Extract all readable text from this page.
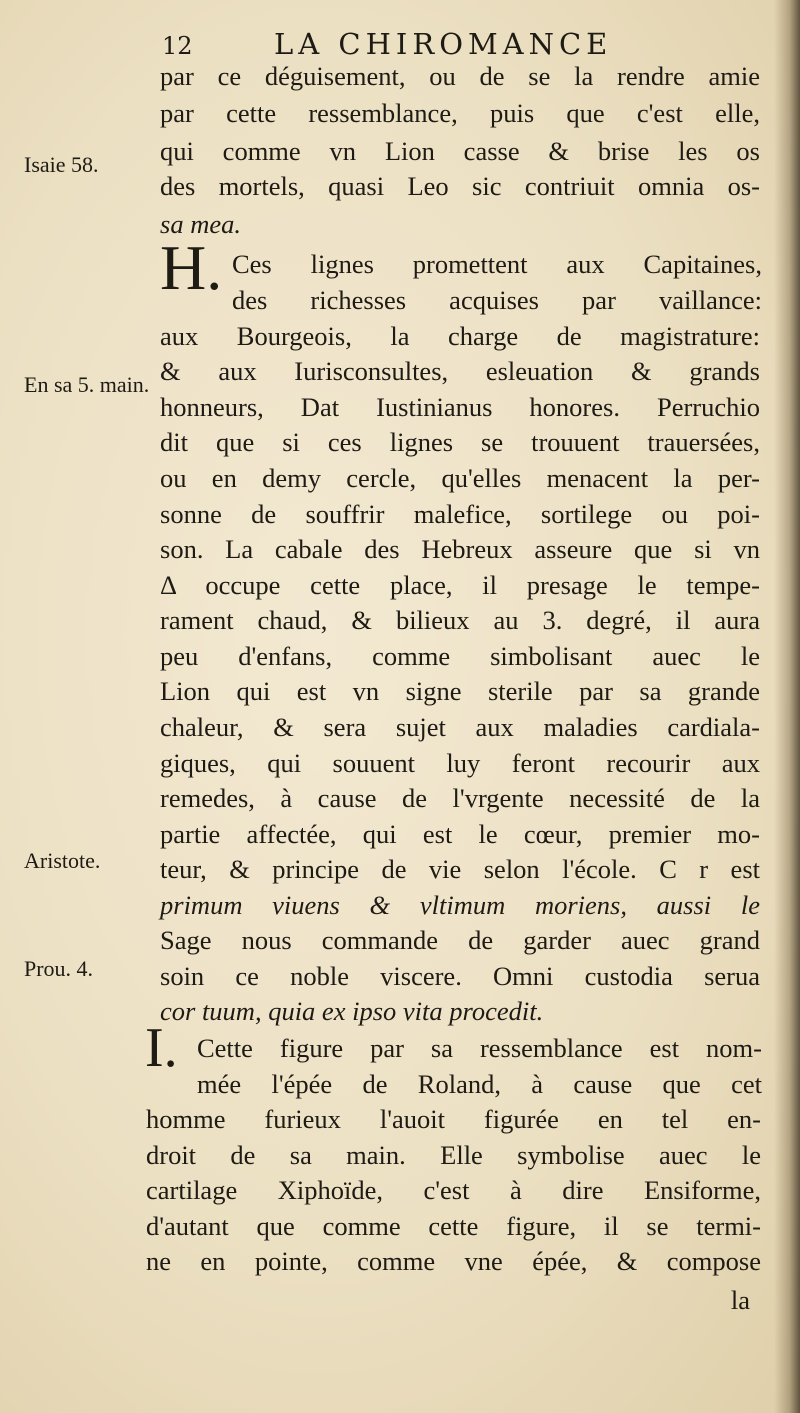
12	LA CHIROMANCE
Isaie 58.
En sa 5. main.
Aristote.
Prou. 4.
H.
I.
par ce déguisement, ou de se la rendre amie
par cette ressemblance, puis que c'est elle,
qui comme vn Lion casse & brise les os
des mortels, quasi Leo sic contriuit omnia os-
sa mea.
Ces lignes promettent aux Capitaines,
des richesses acquises par vaillance:
aux Bourgeois, la charge de magistrature:
& aux Iurisconsultes, esleuation & grands
honneurs, Dat Iustinianus honores. Perruchio
dit que si ces lignes se trouuent trauersées,
ou en demy cercle, qu'elles menacent la per-
sonne de souffrir malefice, sortilege ou poi-
son. La cabale des Hebreux asseure que si vn
Δ occupe cette place, il presage le tempe-
rament chaud, & bilieux au 3. degré, il aura
peu d'enfans, comme simbolisant auec le
Lion qui est vn signe sterile par sa grande
chaleur, & sera sujet aux maladies cardiala-
giques, qui souuent luy feront recourir aux
remedes, à cause de l'vrgente necessité de la
partie affectée, qui est le cœur, premier mo-
teur, & principe de vie selon l'école. C r est
primum viuens & vltimum moriens, aussi le
Sage nous commande de garder auec grand
soin ce noble viscere. Omni custodia serua
cor tuum, quia ex ipso vita procedit.
Cette figure par sa ressemblance est nom-
mée l'épée de Roland, à cause que cet
homme furieux l'auoit figurée en tel en-
droit de sa main. Elle symbolise auec le
cartilage Xiphoïde, c'est à dire Ensiforme,
d'autant que comme cette figure, il se termi-
ne en pointe, comme vne épée, & compose
la
